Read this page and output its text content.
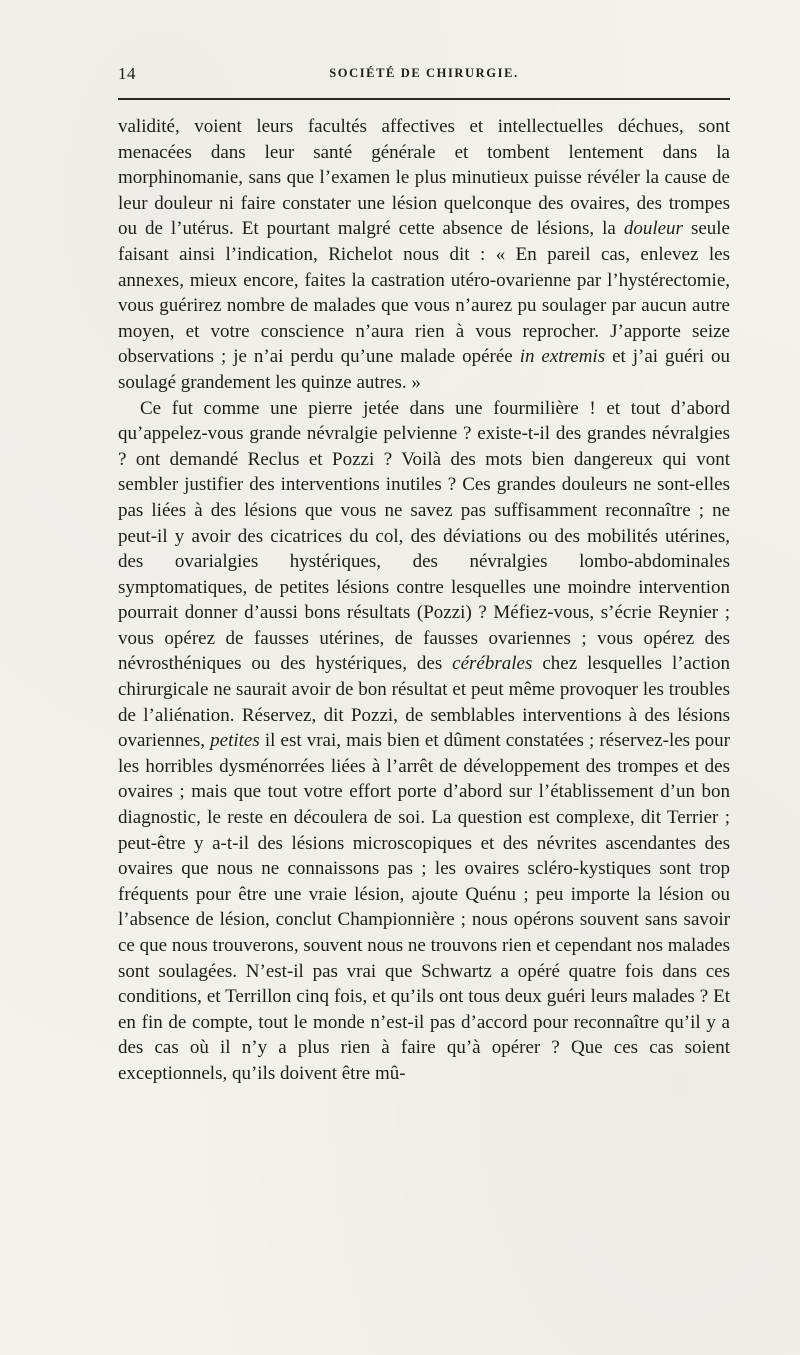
14	SOCIÉTÉ DE CHIRURGIE.

validité, voient leurs facultés affectives et intellectuelles déchues, sont menacées dans leur santé générale et tombent lentement dans la morphinomanie, sans que l’examen le plus minutieux puisse révéler la cause de leur douleur ni faire constater une lésion quelconque des ovaires, des trompes ou de l’utérus. Et pourtant malgré cette absence de lésions, la douleur seule faisant ainsi l’indication, Richelot nous dit : « En pareil cas, enlevez les annexes, mieux encore, faites la castration utéro-ovarienne par l’hystérectomie, vous guérirez nombre de malades que vous n’aurez pu soulager par aucun autre moyen, et votre conscience n’aura rien à vous reprocher. J’apporte seize observations ; je n’ai perdu qu’une malade opérée in extremis et j’ai guéri ou soulagé grandement les quinze autres. »

Ce fut comme une pierre jetée dans une fourmilière ! et tout d’abord qu’appelez-vous grande névralgie pelvienne ? existe-t-il des grandes névralgies ? ont demandé Reclus et Pozzi ? Voilà des mots bien dangereux qui vont sembler justifier des interventions inutiles ? Ces grandes douleurs ne sont-elles pas liées à des lésions que vous ne savez pas suffisamment reconnaître ; ne peut-il y avoir des cicatrices du col, des déviations ou des mobilités utérines, des ovarialgies hystériques, des névralgies lombo-abdominales symptomatiques, de petites lésions contre lesquelles une moindre intervention pourrait donner d’aussi bons résultats (Pozzi) ? Méfiez-vous, s’écrie Reynier ; vous opérez de fausses utérines, de fausses ovariennes ; vous opérez des névrosthéniques ou des hystériques, des cérébrales chez lesquelles l’action chirurgicale ne saurait avoir de bon résultat et peut même provoquer les troubles de l’aliénation. Réservez, dit Pozzi, de semblables interventions à des lésions ovariennes, petites il est vrai, mais bien et dûment constatées ; réservez-les pour les horribles dysménorrées liées à l’arrêt de développement des trompes et des ovaires ; mais que tout votre effort porte d’abord sur l’établissement d’un bon diagnostic, le reste en découlera de soi. La question est complexe, dit Terrier ; peut-être y a-t-il des lésions microscopiques et des névrites ascendantes des ovaires que nous ne connaissons pas ; les ovaires scléro-kystiques sont trop fréquents pour être une vraie lésion, ajoute Quénu ; peu importe la lésion ou l’absence de lésion, conclut Championnière ; nous opérons souvent sans savoir ce que nous trouverons, souvent nous ne trouvons rien et cependant nos malades sont soulagées. N’est-il pas vrai que Schwartz a opéré quatre fois dans ces conditions, et Terrillon cinq fois, et qu’ils ont tous deux guéri leurs malades ? Et en fin de compte, tout le monde n’est-il pas d’accord pour reconnaître qu’il y a des cas où il n’y a plus rien à faire qu’à opérer ? Que ces cas soient exceptionnels, qu’ils doivent être mû-
